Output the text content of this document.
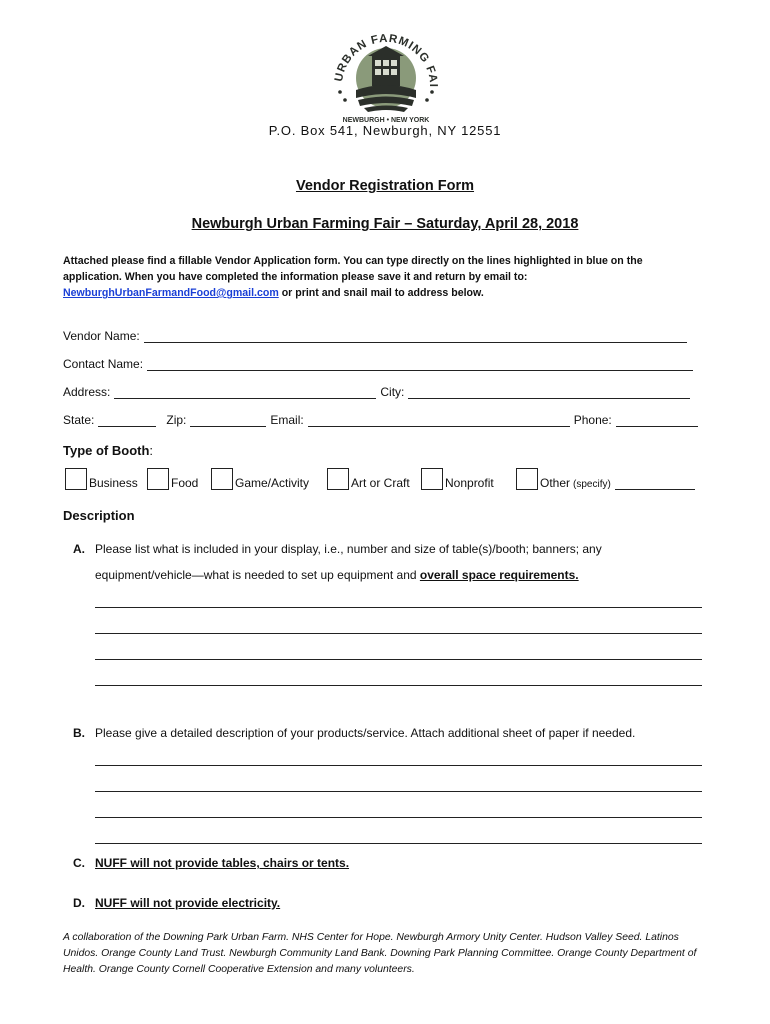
URBAN FARMING FAI
NEWBURGH • NEW YORK
P.O. Box 541, Newburgh, NY 12551
Vendor Registration Form
Newburgh Urban Farming Fair – Saturday, April 28, 2018
Attached please find a fillable Vendor Application form. You can type directly on the lines highlighted in blue on the application. When you have completed the information please save it and return by email to:
NewburghUrbanFarmandFood@gmail.com or print and snail mail to address below.
Vendor Name:
Contact Name:
Address:	City:
State:	Zip:	Email:	Phone:
Type of Booth:
Business	Food	Game/Activity	Art or Craft	Nonprofit	Other (specify)
Description
A. Please list what is included in your display, i.e., number and size of table(s)/booth; banners; any
equipment/vehicle—what is needed to set up equipment and overall space requirements.
B. Please give a detailed description of your products/service. Attach additional sheet of paper if needed.
C. NUFF will not provide tables, chairs or tents.
D. NUFF will not provide electricity.
A collaboration of the Downing Park Urban Farm. NHS Center for Hope. Newburgh Armory Unity Center. Hudson Valley Seed. Latinos Unidos. Orange County Land Trust. Newburgh Community Land Bank. Downing Park Planning Committee. Orange County Department of Health. Orange County Cornell Cooperative Extension and many volunteers.
